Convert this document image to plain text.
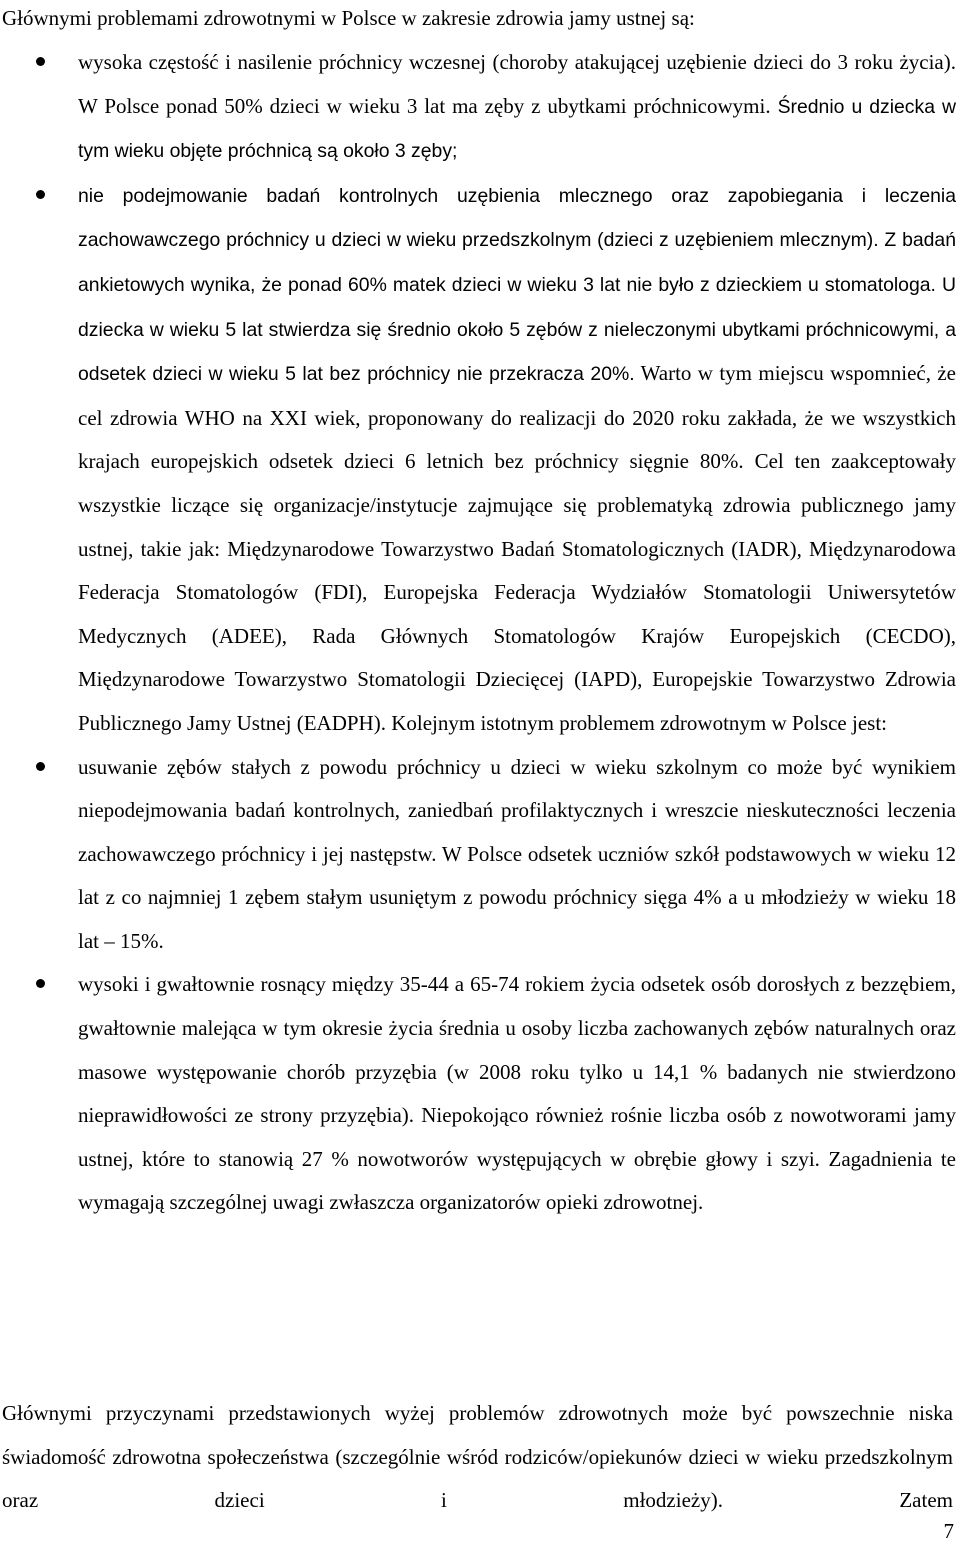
Głównymi problemami zdrowotnymi w Polsce w zakresie zdrowia jamy ustnej są:
wysoka częstość i nasilenie próchnicy wczesnej (choroby atakującej uzębienie dzieci do 3 roku życia). W Polsce ponad 50% dzieci w wieku 3 lat ma zęby z ubytkami próchnicowymi. Średnio u dziecka w tym wieku objęte próchnicą są około 3 zęby;
nie podejmowanie badań kontrolnych uzębienia mlecznego oraz zapobiegania i leczenia zachowawczego próchnicy u dzieci w wieku przedszkolnym (dzieci z uzębieniem mlecznym). Z badań ankietowych wynika, że ponad 60% matek dzieci w wieku 3 lat nie było z dzieckiem u stomatologa. U dziecka w wieku 5 lat stwierdza się średnio około 5 zębów z nieleczonymi ubytkami próchnicowymi, a odsetek dzieci w wieku 5 lat bez próchnicy nie przekracza 20%. Warto w tym miejscu wspomnieć, że cel zdrowia WHO na XXI wiek, proponowany do realizacji do 2020 roku zakłada, że we wszystkich krajach europejskich odsetek dzieci 6 letnich bez próchnicy sięgnie 80%. Cel ten zaakceptowały wszystkie liczące się organizacje/instytucje zajmujące się problematyką zdrowia publicznego jamy ustnej, takie jak: Międzynarodowe Towarzystwo Badań Stomatologicznych (IADR), Międzynarodowa Federacja Stomatologów (FDI), Europejska Federacja Wydziałów Stomatologii Uniwersytetów Medycznych (ADEE), Rada Głównych Stomatologów Krajów Europejskich (CECDO), Międzynarodowe Towarzystwo Stomatologii Dziecięcej (IAPD), Europejskie Towarzystwo Zdrowia Publicznego Jamy Ustnej (EADPH). Kolejnym istotnym problemem zdrowotnym w Polsce jest:
usuwanie zębów stałych z powodu próchnicy u dzieci w wieku szkolnym co może być wynikiem niepodejmowania badań kontrolnych, zaniedbań profilaktycznych i wreszcie nieskuteczności leczenia zachowawczego próchnicy i jej następstw. W Polsce odsetek uczniów szkół podstawowych w wieku 12 lat z co najmniej 1 zębem stałym usuniętym z powodu próchnicy sięga 4% a u młodzieży w wieku 18 lat – 15%.
wysoki i gwałtownie rosnący między 35-44 a 65-74 rokiem życia odsetek osób dorosłych z bezzębiem, gwałtownie malejąca w tym okresie życia średnia u osoby liczba zachowanych zębów naturalnych oraz masowe występowanie chorób przyzębia (w 2008 roku tylko u 14,1 % badanych nie stwierdzono nieprawidłowości ze strony przyzębia). Niepokojąco również rośnie liczba osób z nowotworami jamy ustnej, które to stanowią 27 % nowotworów występujących w obrębie głowy i szyi. Zagadnienia te wymagają szczególnej uwagi zwłaszcza organizatorów opieki zdrowotnej.

Głównymi przyczynami przedstawionych wyżej problemów zdrowotnych może być powszechnie niska świadomość zdrowotna społeczeństwa (szczególnie wśród rodziców/opiekunów dzieci w wieku przedszkolnym oraz dzieci i młodzieży). Zatem

7
